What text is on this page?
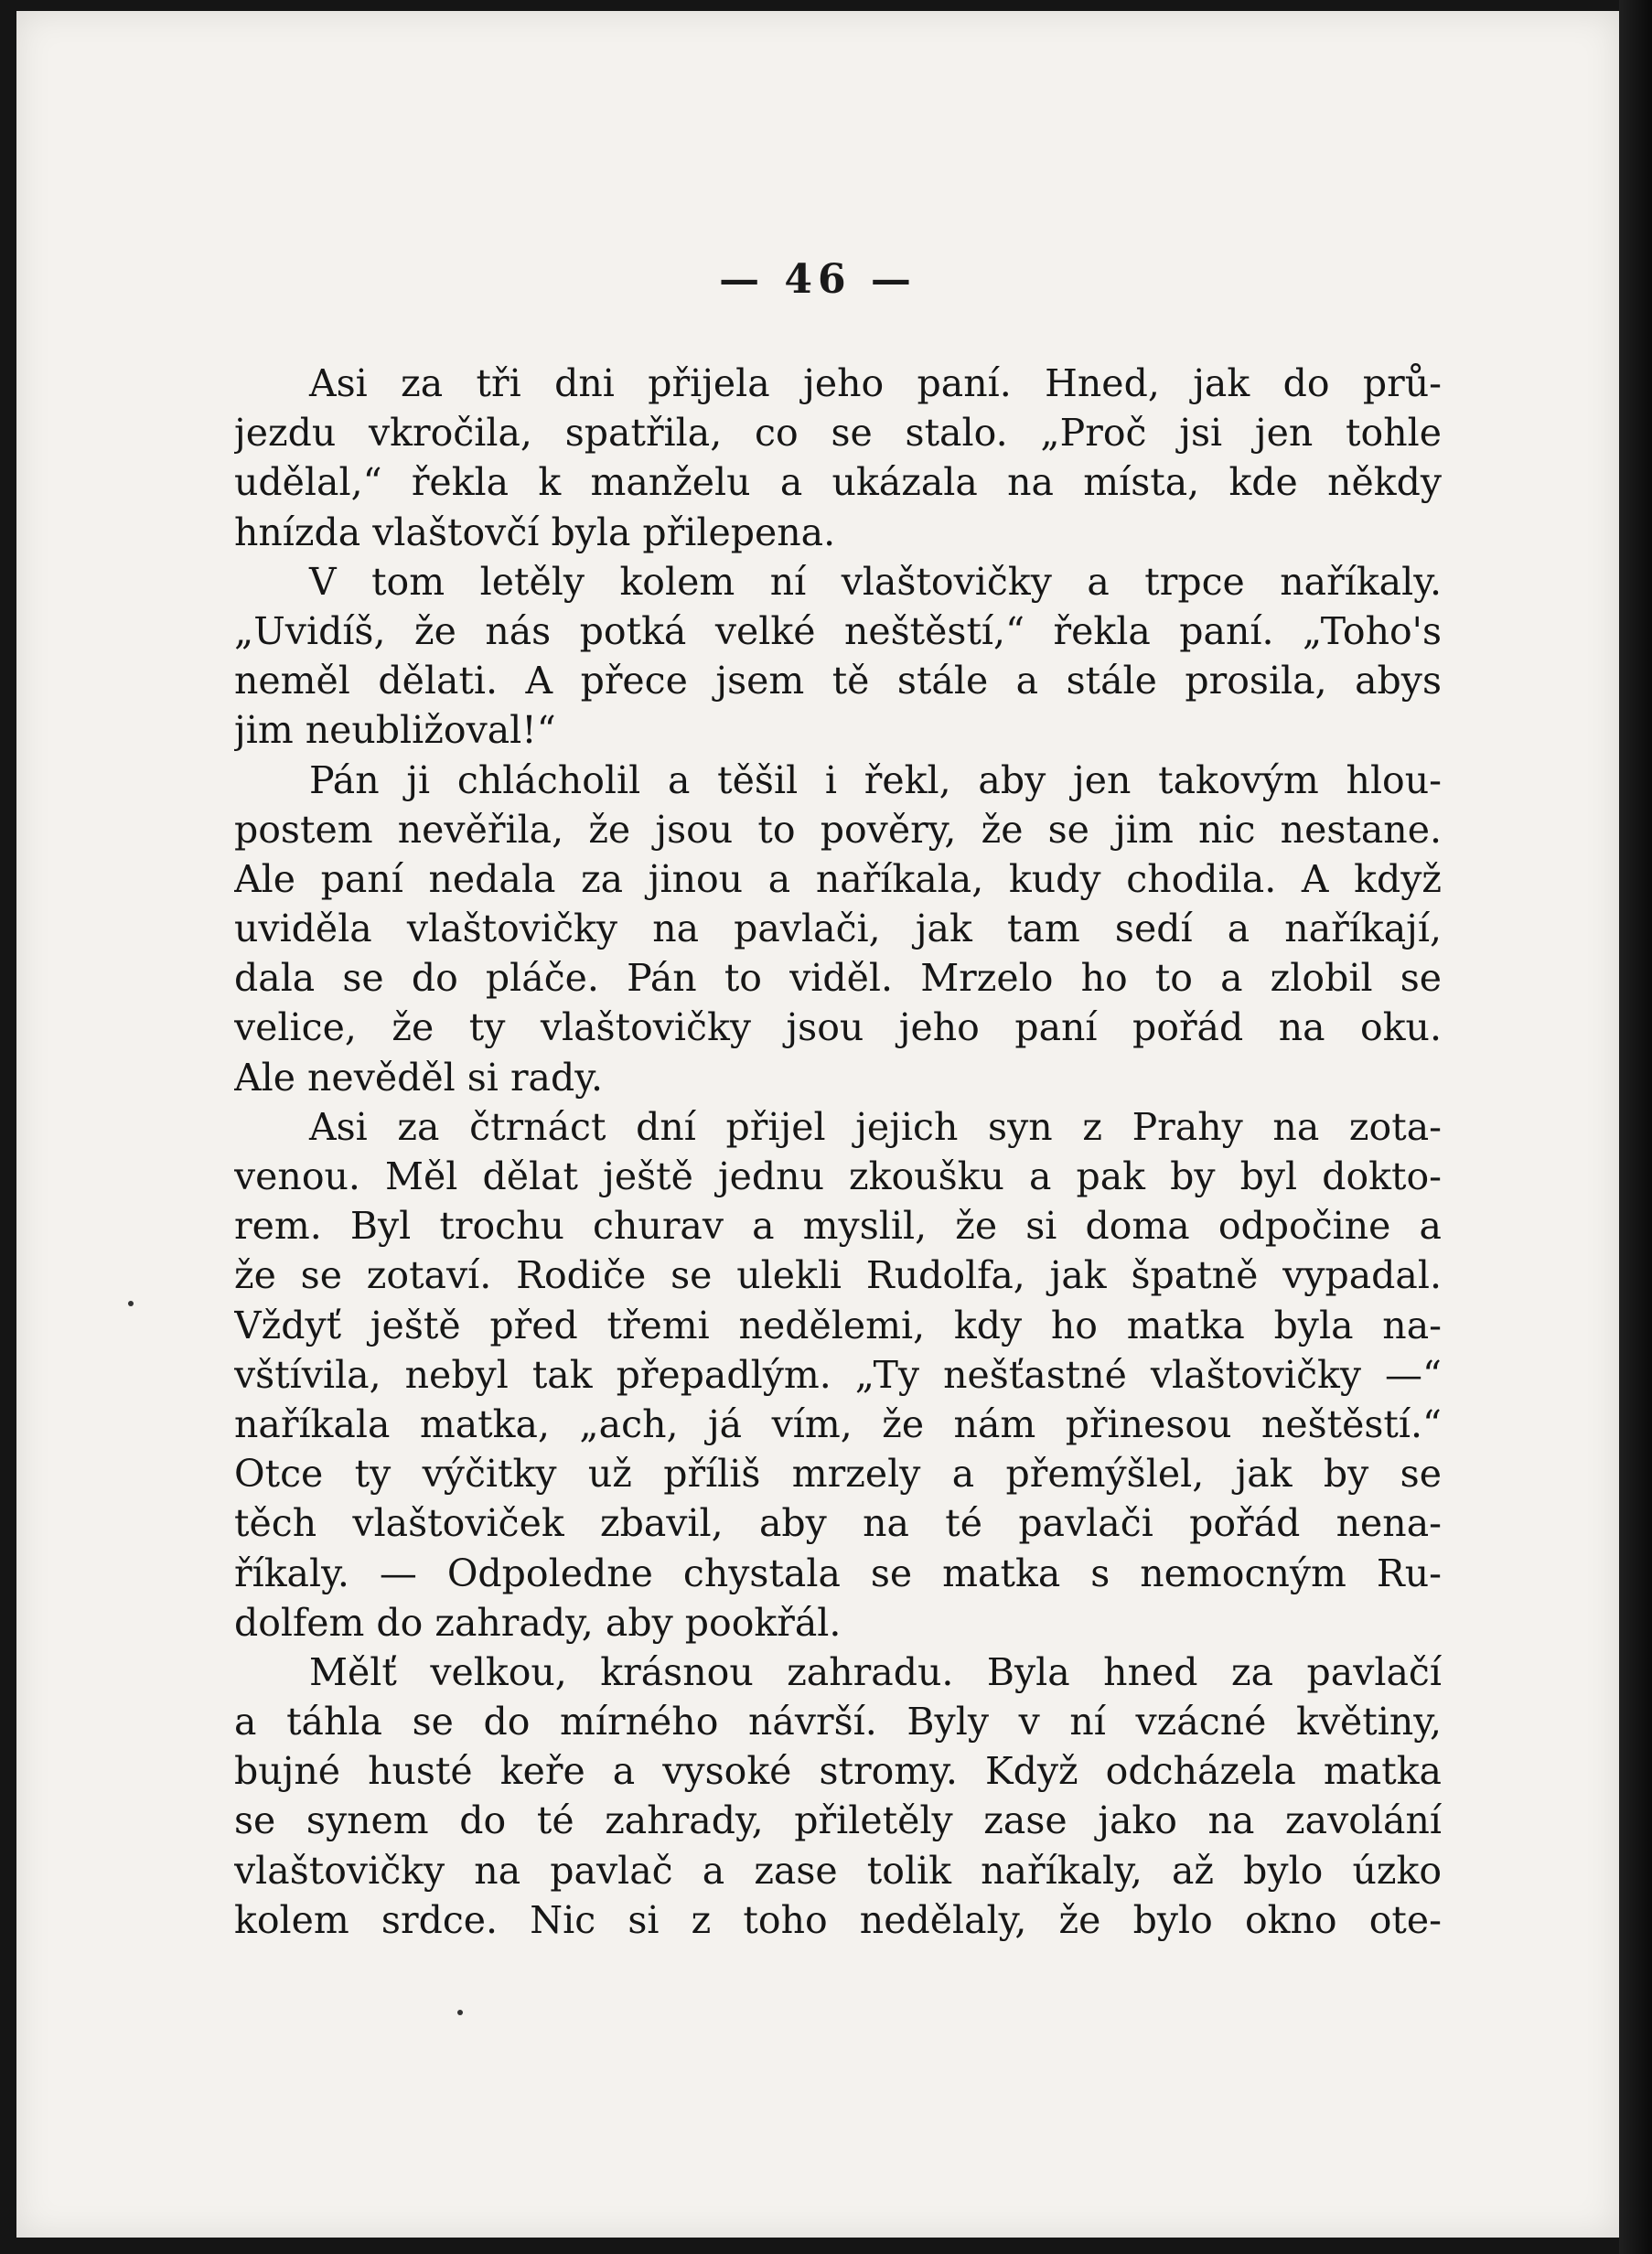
— 46 —
Asi za tři dni přijela jeho paní. Hned, jak do prů-
jezdu vkročila, spatřila, co se stalo. „Proč jsi jen tohle
udělal,“ řekla k manželu a ukázala na místa, kde někdy
hnízda vlaštovčí byla přilepena.
V tom letěly kolem ní vlaštovičky a trpce naříkaly.
„Uvidíš, že nás potká velké neštěstí,“ řekla paní. „Toho's
neměl dělati. A přece jsem tě stále a stále prosila, abys
jim neubližoval!“
Pán ji chlácholil a těšil i řekl, aby jen takovým hlou-
postem nevěřila, že jsou to pověry, že se jim nic nestane.
Ale paní nedala za jinou a naříkala, kudy chodila. A když
uviděla vlaštovičky na pavlači, jak tam sedí a naříkají,
dala se do pláče. Pán to viděl. Mrzelo ho to a zlobil se
velice, že ty vlaštovičky jsou jeho paní pořád na oku.
Ale nevěděl si rady.
Asi za čtrnáct dní přijel jejich syn z Prahy na zota-
venou. Měl dělat ještě jednu zkoušku a pak by byl dokto-
rem. Byl trochu churav a myslil, že si doma odpočine a
že se zotaví. Rodiče se ulekli Rudolfa, jak špatně vypadal.
Vždyť ještě před třemi nedělemi, kdy ho matka byla na-
vštívila, nebyl tak přepadlým. „Ty nešťastné vlaštovičky —“
naříkala matka, „ach, já vím, že nám přinesou neštěstí.“
Otce ty výčitky už příliš mrzely a přemýšlel, jak by se
těch vlaštoviček zbavil, aby na té pavlači pořád nena-
říkaly. — Odpoledne chystala se matka s nemocným Ru-
dolfem do zahrady, aby pookřál.
Mělť velkou, krásnou zahradu. Byla hned za pavlačí
a táhla se do mírného návrší. Byly v ní vzácné květiny,
bujné husté keře a vysoké stromy. Když odcházela matka
se synem do té zahrady, přiletěly zase jako na zavolání
vlaštovičky na pavlač a zase tolik naříkaly, až bylo úzko
kolem srdce. Nic si z toho nedělaly, že bylo okno ote-
